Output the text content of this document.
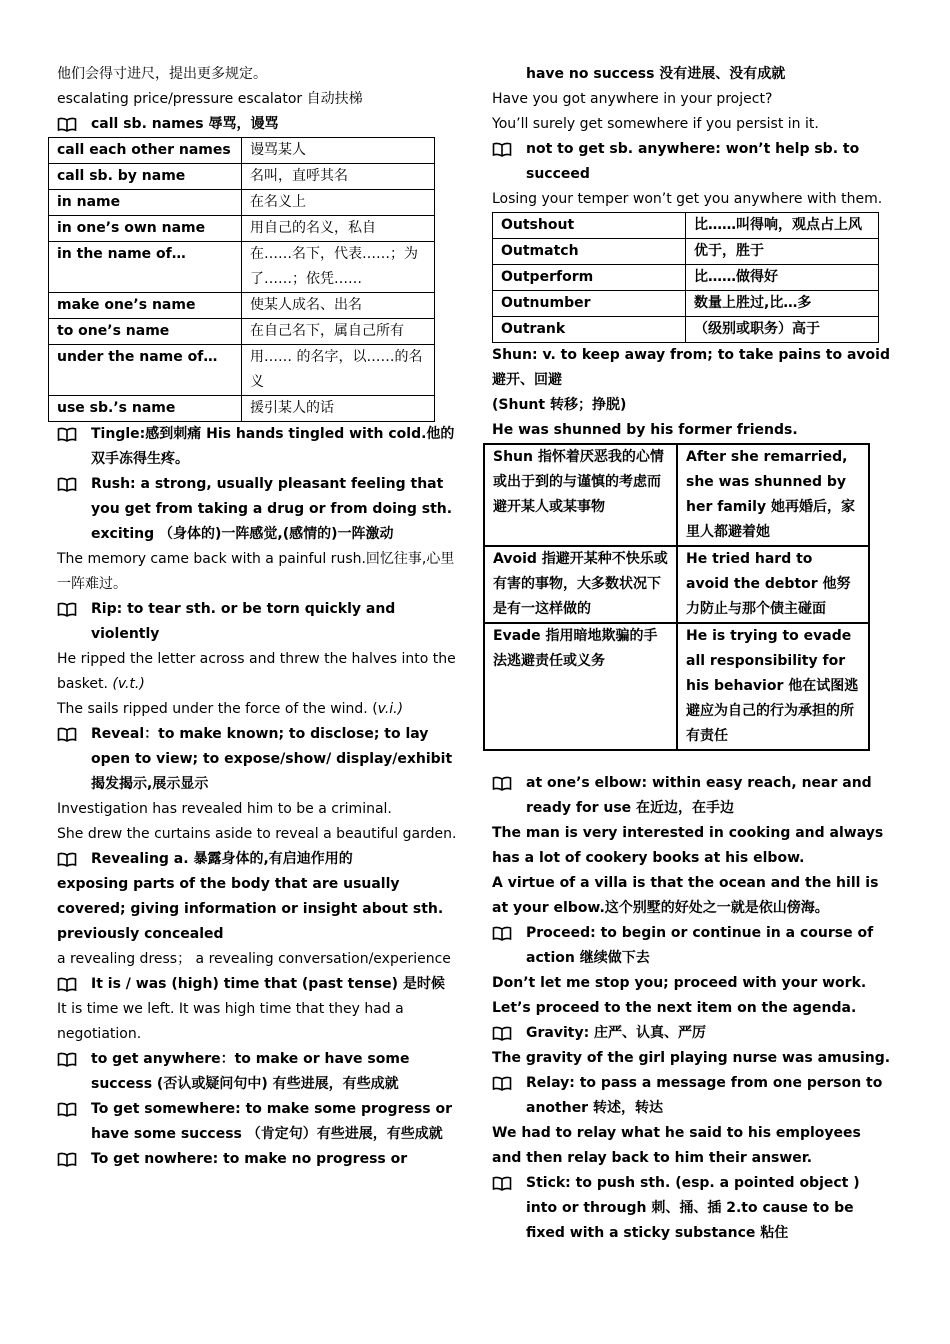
他们会得寸进尺，提出更多规定。
escalating price/pressure escalator 自动扶梯
call sb. names 辱骂，谩骂
call each other names	谩骂某人
call sb. by name	名叫，直呼其名
in name	在名义上
in one’s own name	用自己的名义，私自
in the name of…	在……名下，代表……；为了……；依凭……
make one’s name	使某人成名、出名
to one’s name	在自己名下，属自己所有
under the name of…	用…… 的名字，以……的名义
use sb.’s name	援引某人的话
Tingle:感到刺痛 His hands tingled with cold.他的双手冻得生疼。
Rush: a strong, usually pleasant feeling that you get from taking a drug or from doing sth. exciting （身体的)一阵感觉,(感情的)一阵激动
The memory came back with a painful rush.回忆往事,心里一阵难过。
Rip: to tear sth. or be torn quickly and violently
He ripped the letter across and threw the halves into the basket. (v.t.)
The sails ripped under the force of the wind. (v.i.)
Reveal：to make known; to disclose; to lay open to view; to expose/show/ display/exhibit 揭发揭示,展示显示
Investigation has revealed him to be a criminal.
She drew the curtains aside to reveal a beautiful garden.
Revealing a. 暴露身体的,有启迪作用的
exposing parts of the body that are usually covered; giving information or insight about sth. previously concealed
a revealing dress； a revealing conversation/experience
It is / was (high) time that (past tense) 是时候
It is time we left. It was high time that they had a negotiation.
to get anywhere：to make or have some success (否认或疑问句中) 有些进展，有些成就
To get somewhere: to make some progress or have some success （肯定句）有些进展，有些成就
To get nowhere: to make no progress or
have no success 没有进展、没有成就
Have you got anywhere in your project?
You’ll surely get somewhere if you persist in it.
not to get sb. anywhere: won’t help sb. to succeed
Losing your temper won’t get you anywhere with them.
Outshout	比……叫得响，观点占上风
Outmatch	优于，胜于
Outperform	比……做得好
Outnumber	数量上胜过,比…多
Outrank	（级别或职务）高于
Shun: v. to keep away from; to take pains to avoid 避开、回避
(Shunt 转移；挣脱)
He was shunned by his former friends.
Shun 指怀着厌恶我的心情或出于到的与谨慎的考虑而避开某人或某事物	After she remarried, she was shunned by her family 她再婚后，家里人都避着她
Avoid 指避开某种不快乐或有害的事物，大多数状况下是有一这样做的	He tried hard to avoid the debtor 他努力防止与那个债主碰面
Evade 指用暗地欺骗的手法逃避责任或义务	He is trying to evade all responsibility for his behavior 他在试图逃避应为自己的行为承担的所有责任
at one’s elbow: within easy reach, near and ready for use 在近边，在手边
The man is very interested in cooking and always has a lot of cookery books at his elbow.
A virtue of a villa is that the ocean and the hill is at your elbow.这个别墅的好处之一就是依山傍海。
Proceed: to begin or continue in a course of action 继续做下去
Don’t let me stop you; proceed with your work.
Let’s proceed to the next item on the agenda.
Gravity: 庄严、认真、严厉
The gravity of the girl playing nurse was amusing.
Relay: to pass a message from one person to another 转述，转达
We had to relay what he said to his employees and then relay back to him their answer.
Stick: to push sth. (esp. a pointed object ) into or through 刺、捅、插 2.to cause to be fixed with a sticky substance 粘住
